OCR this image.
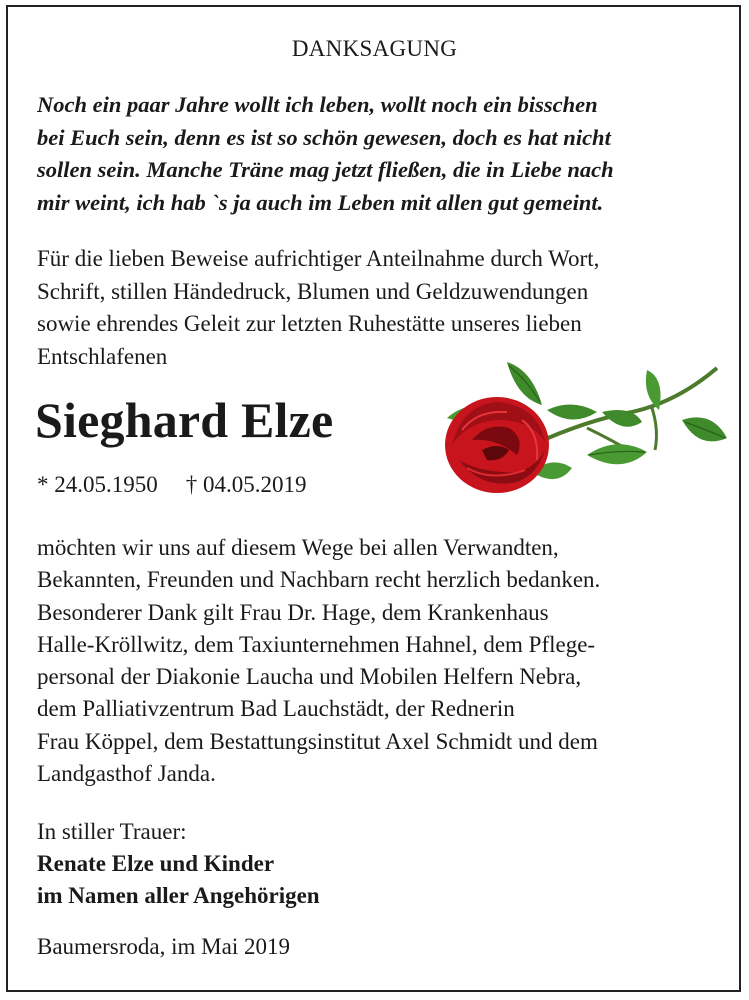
DANKSAGUNG
Noch ein paar Jahre wollt ich leben, wollt noch ein bisschen
bei Euch sein, denn es ist so schön gewesen, doch es hat nicht
sollen sein. Manche Träne mag jetzt fließen, die in Liebe nach
mir weint, ich hab `s ja auch im Leben mit allen gut gemeint.
Für die lieben Beweise aufrichtiger Anteilnahme durch Wort,
Schrift, stillen Händedruck, Blumen und Geldzuwendungen
sowie ehrendes Geleit zur letzten Ruhestätte unseres lieben
Entschlafenen
Sieghard Elze
* 24.05.1950 † 04.05.2019
möchten wir uns auf diesem Wege bei allen Verwandten,
Bekannten, Freunden und Nachbarn recht herzlich bedanken.
Besonderer Dank gilt Frau Dr. Hage, dem Krankenhaus
Halle-Kröllwitz, dem Taxiunternehmen Hahnel, dem Pflege-
personal der Diakonie Laucha und Mobilen Helfern Nebra,
dem Palliativzentrum Bad Lauchstädt, der Rednerin
Frau Köppel, dem Bestattungsinstitut Axel Schmidt und dem
Landgasthof Janda.
In stiller Trauer:
Renate Elze und Kinder
im Namen aller Angehörigen
Baumersroda, im Mai 2019
